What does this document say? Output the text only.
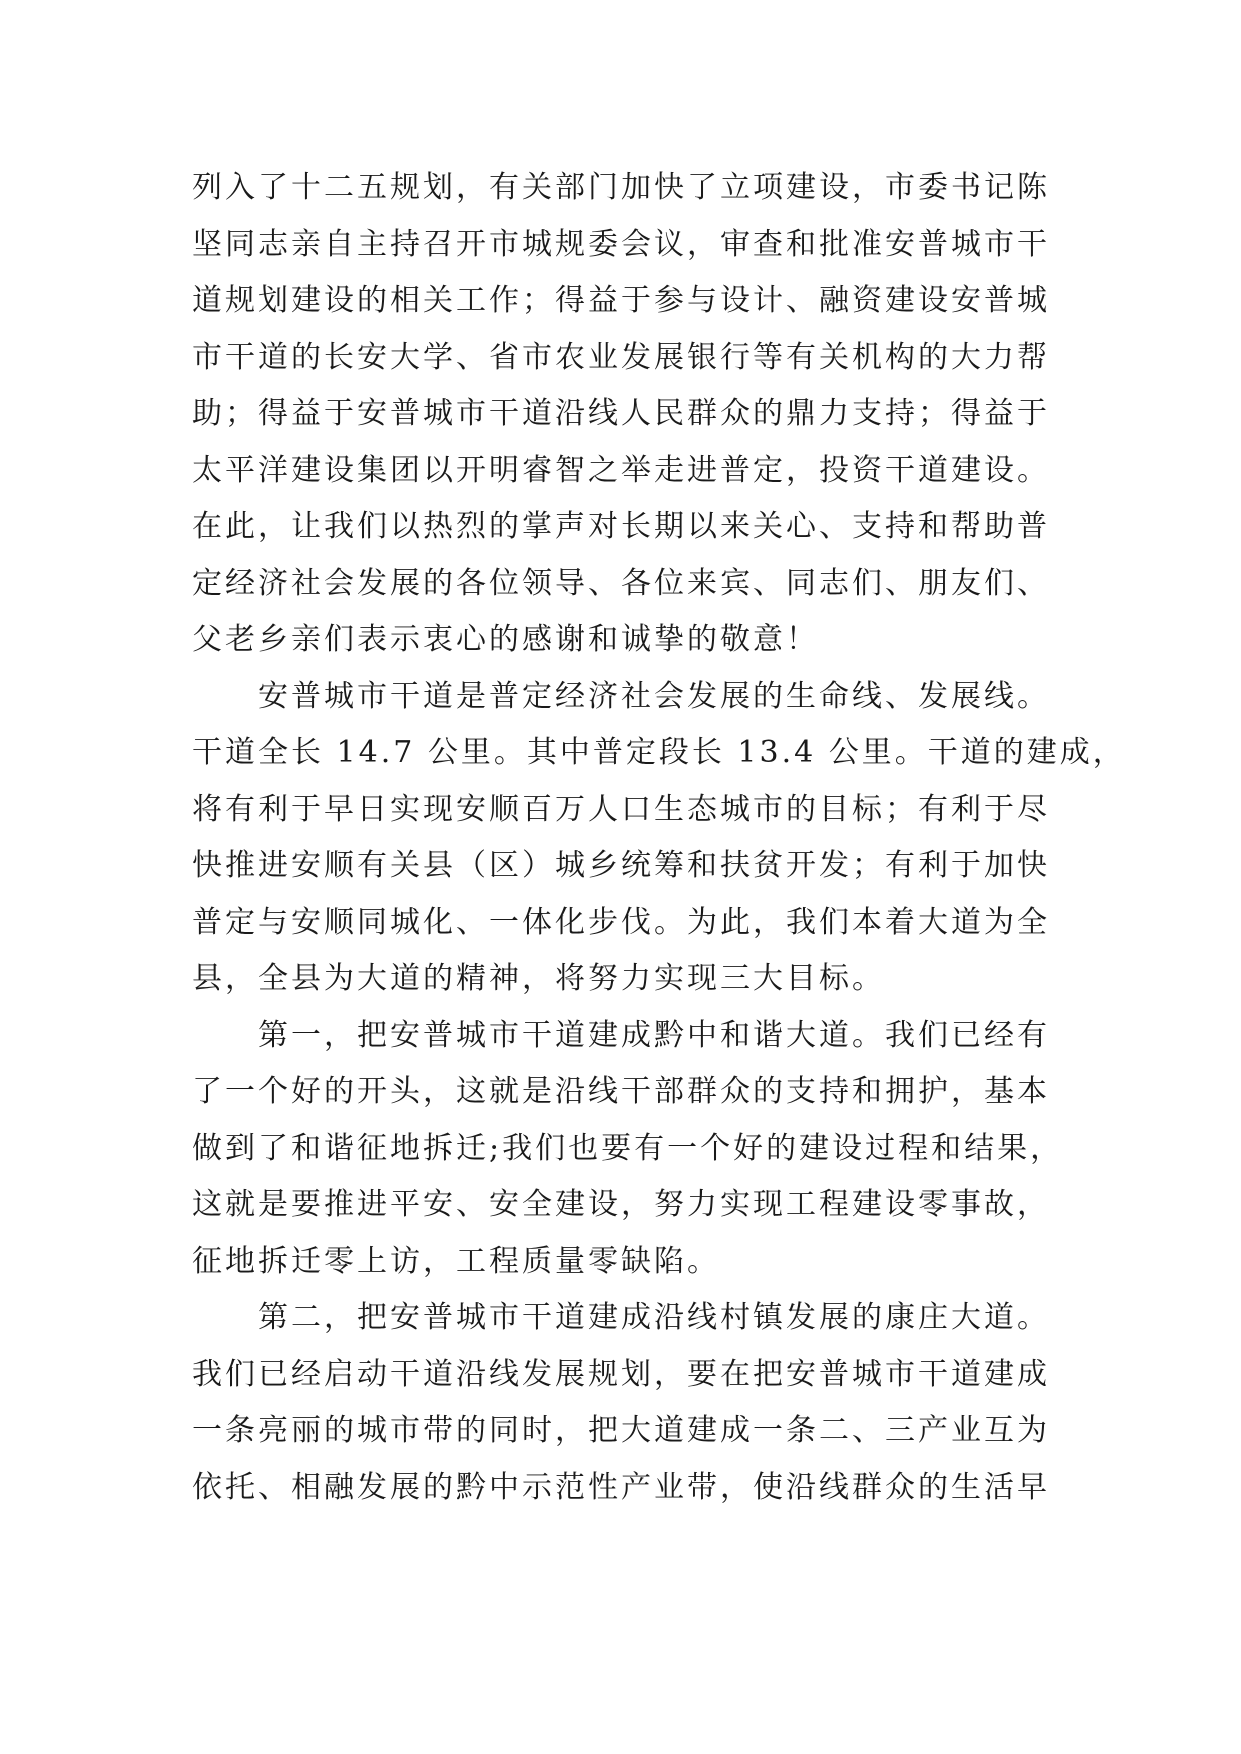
列入了十二五规划，有关部门加快了立项建设，市委书记陈
坚同志亲自主持召开市城规委会议，审查和批准安普城市干
道规划建设的相关工作；得益于参与设计、融资建设安普城
市干道的长安大学、省市农业发展银行等有关机构的大力帮
助；得益于安普城市干道沿线人民群众的鼎力支持；得益于
太平洋建设集团以开明睿智之举走进普定，投资干道建设。
在此，让我们以热烈的掌声对长期以来关心、支持和帮助普
定经济社会发展的各位领导、各位来宾、同志们、朋友们、
父老乡亲们表示衷心的感谢和诚挚的敬意！

　　安普城市干道是普定经济社会发展的生命线、发展线。
干道全长 14.7 公里。其中普定段长 13.4 公里。干道的建成，
将有利于早日实现安顺百万人口生态城市的目标；有利于尽
快推进安顺有关县（区）城乡统筹和扶贫开发；有利于加快
普定与安顺同城化、一体化步伐。为此，我们本着大道为全
县，全县为大道的精神，将努力实现三大目标。

　　第一，把安普城市干道建成黔中和谐大道。我们已经有
了一个好的开头，这就是沿线干部群众的支持和拥护，基本
做到了和谐征地拆迁;我们也要有一个好的建设过程和结果，
这就是要推进平安、安全建设，努力实现工程建设零事故，
征地拆迁零上访，工程质量零缺陷。

　　第二，把安普城市干道建成沿线村镇发展的康庄大道。
我们已经启动干道沿线发展规划，要在把安普城市干道建成
一条亮丽的城市带的同时，把大道建成一条二、三产业互为
依托、相融发展的黔中示范性产业带，使沿线群众的生活早
